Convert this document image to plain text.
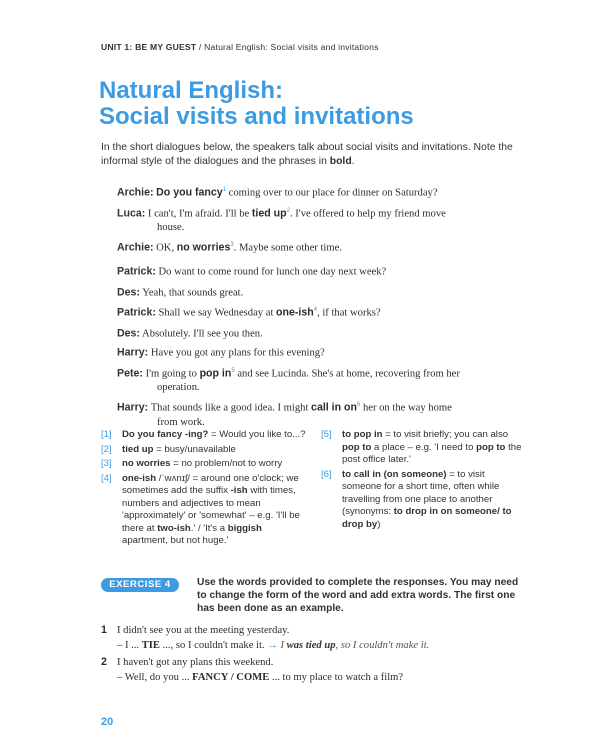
UNIT 1: BE MY GUEST / Natural English: Social visits and invitations
Natural English:
Social visits and invitations
In the short dialogues below, the speakers talk about social visits and invitations. Note the informal style of the dialogues and the phrases in bold.
Archie: Do you fancy$^1$ coming over to our place for dinner on Saturday?
Luca: I can't, I'm afraid. I'll be tied $up^2$. I've offered to help my friend move
house.
Archie: OK, no worries$^3$. Maybe some other time.
Patrick: Do want to come round for lunch one day next week?
Des: Yeah, that sounds great.
Patrick: Shall we say Wednesday at one-ish$^4$, if that works?
Des: Absolutely. I'll see you then.
Harry: Have you got any plans for this evening?
Pete: I'm going to pop $in^5$ and see Lucinda. She's at home, recovering from her
operation.
Harry: That sounds like a good idea. I might call in $on^6$ her on the way home
from work.
[1]	Do you fancy -ing? = Would you like to...?
[2]	tied up = busy/unavailable
[3]	no worries = no problem/not to worry
[4]	one-ish /ˈwʌnɪʃ/ = around one o'clock; we sometimes add the suffix -ish with times, numbers and adjectives to mean 'approximately' or 'somewhat' – e.g. 'I'll be there at two-ish.' / 'It's a biggish apartment, but not huge.'
[5]	to pop in = to visit briefly; you can also pop to a place – e.g. 'I need to pop to the post office later.'
[6]	to call in (on someone) = to visit someone for a short time, often while travelling from one place to another (synonyms: to drop in on someone/ to drop by)
EXERCISE 4	Use the words provided to complete the responses. You may need to change the form of the word and add extra words. The first one has been done as an example.
1 I didn't see you at the meeting yesterday.
– I ... TIE ..., so I couldn't make it. → I was tied up, so I couldn't make it.
2 I haven't got any plans this weekend.
– Well, do you ... FANCY / COME ... to my place to watch a film?
20
